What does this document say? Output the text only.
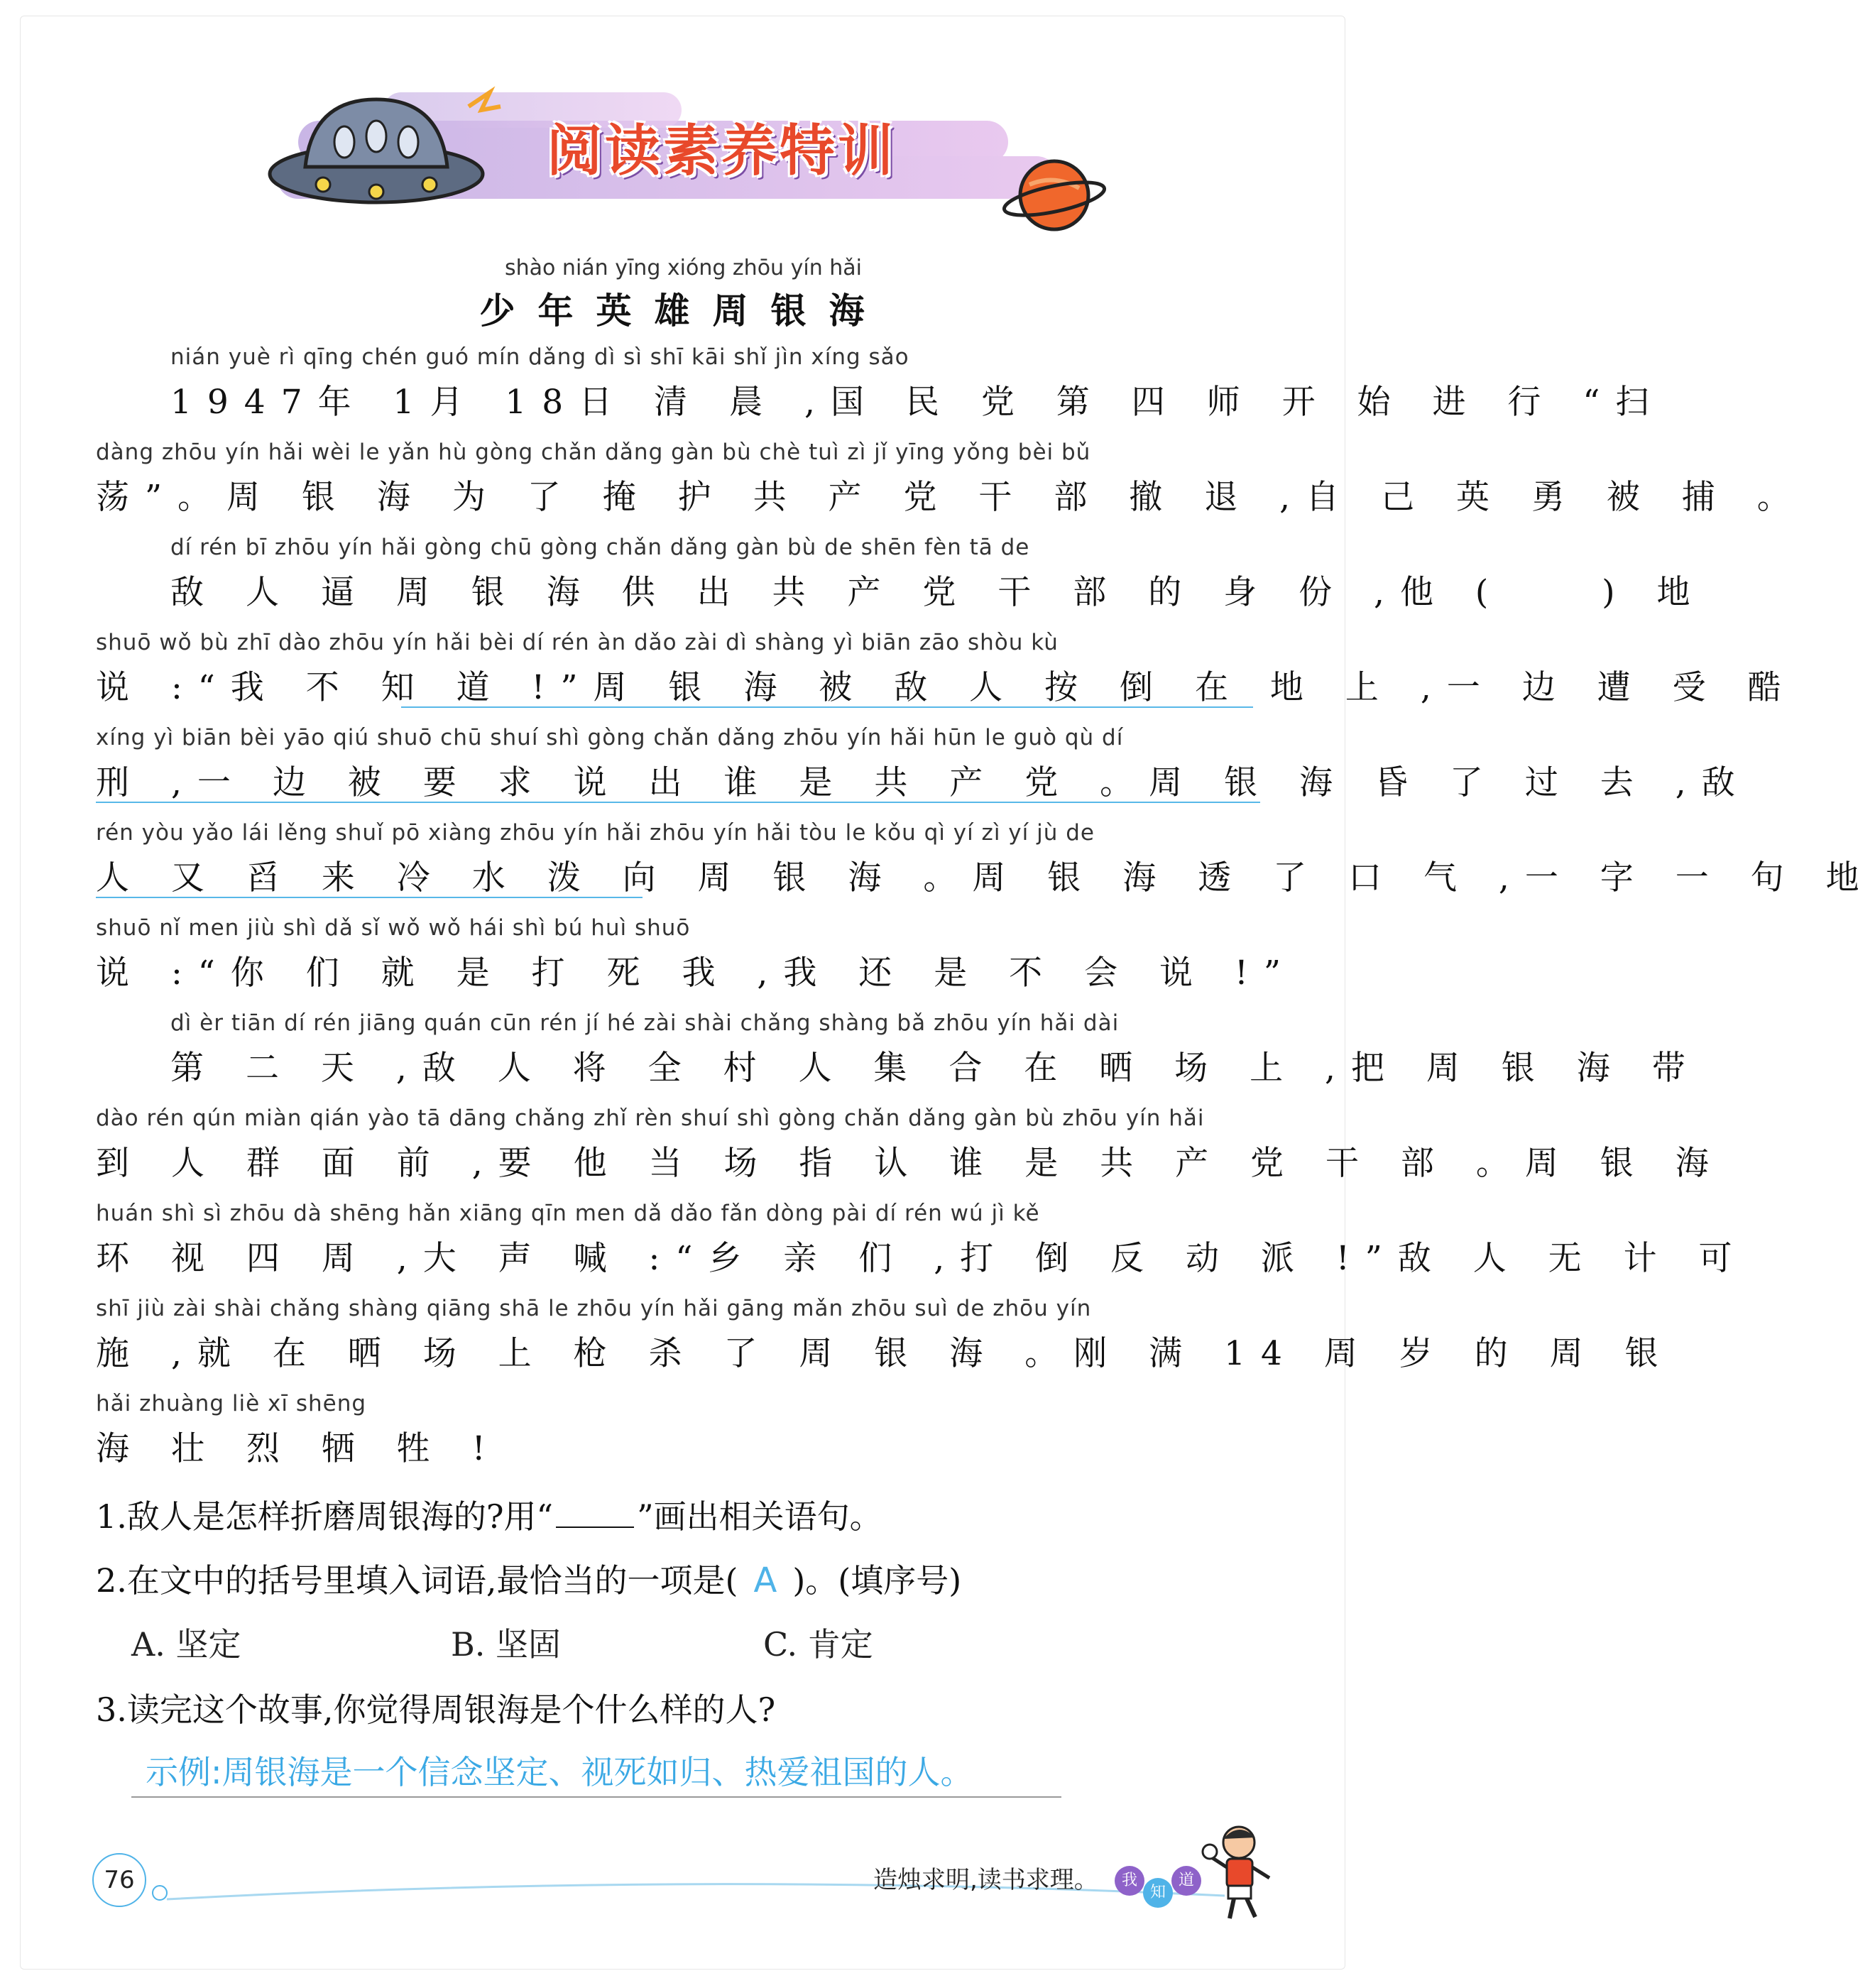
阅读素养特训
shào nián yīng xióng zhōu yín hǎi
少年英雄周银海
nián yuè rì qīng chén guó mín dǎng dì sì shī kāi shǐ jìn xíng sǎo
1947年 1月 18日 清 晨 ,国 民 党 第 四 师 开 始 进 行 “扫
dàng zhōu yín hǎi wèi le yǎn hù gòng chǎn dǎng gàn bù chè tuì zì jǐ yīng yǒng bèi bǔ
荡”。周 银 海 为 了 掩 护 共 产 党 干 部 撤 退 ,自 己 英 勇 被 捕 。
dí rén bī zhōu yín hǎi gòng chū gòng chǎn dǎng gàn bù de shēn fèn tā de
敌 人 逼 周 银 海 供 出 共 产 党 干 部 的 身 份 ,他 (　　) 地
shuō wǒ bù zhī dào zhōu yín hǎi bèi dí rén àn dǎo zài dì shàng yì biān zāo shòu kù
说 :“我 不 知 道 !”周 银 海 被 敌 人 按 倒 在 地 上 ,一 边 遭 受 酷
xíng yì biān bèi yāo qiú shuō chū shuí shì gòng chǎn dǎng zhōu yín hǎi hūn le guò qù dí
刑 ,一 边 被 要 求 说 出 谁 是 共 产 党 。周 银 海 昏 了 过 去 ,敌
rén yòu yǎo lái lěng shuǐ pō xiàng zhōu yín hǎi zhōu yín hǎi tòu le kǒu qì yí zì yí jù de
人 又 舀 来 冷 水 泼 向 周 银 海 。周 银 海 透 了 口 气 ,一 字 一 句 地
shuō nǐ men jiù shì dǎ sǐ wǒ wǒ hái shì bú huì shuō
说 :“你 们 就 是 打 死 我 ,我 还 是 不 会 说 !”
dì èr tiān dí rén jiāng quán cūn rén jí hé zài shài chǎng shàng bǎ zhōu yín hǎi dài
第 二 天 ,敌 人 将 全 村 人 集 合 在 晒 场 上 ,把 周 银 海 带
dào rén qún miàn qián yào tā dāng chǎng zhǐ rèn shuí shì gòng chǎn dǎng gàn bù zhōu yín hǎi
到 人 群 面 前 ,要 他 当 场 指 认 谁 是 共 产 党 干 部 。周 银 海
huán shì sì zhōu dà shēng hǎn xiāng qīn men dǎ dǎo fǎn dòng pài dí rén wú jì kě
环 视 四 周 ,大 声 喊 :“乡 亲 们 ,打 倒 反 动 派 !”敌 人 无 计 可
shī jiù zài shài chǎng shàng qiāng shā le zhōu yín hǎi gāng mǎn zhōu suì de zhōu yín
施 ,就 在 晒 场 上 枪 杀 了 周 银 海 。刚 满 14 周 岁 的 周 银
hǎi zhuàng liè xī shēng
海 壮 烈 牺 牲 !
1.敌人是怎样折磨周银海的?用“	”画出相关语句。
2.在文中的括号里填入词语,最恰当的一项是( A )。(填序号)
A. 坚定	B. 坚固	C. 肯定
3.读完这个故事,你觉得周银海是个什么样的人?
示例:周银海是一个信念坚定、视死如归、热爱祖国的人。
76	造烛求明,读书求理。	我
知
道
